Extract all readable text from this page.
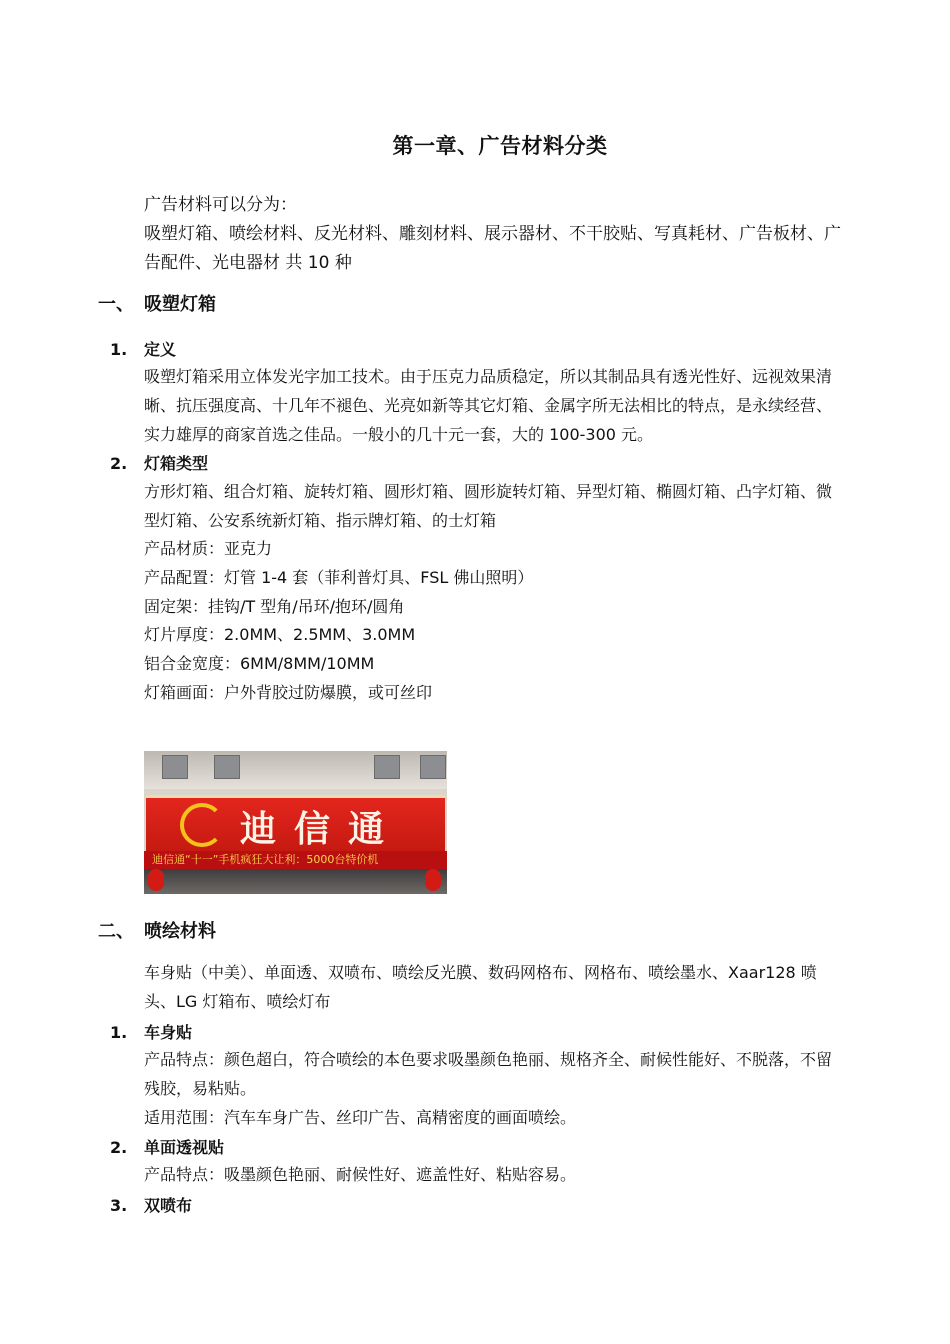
第一章、广告材料分类
广告材料可以分为：

吸塑灯箱、喷绘材料、反光材料、雕刻材料、展示器材、不干胶贴、写真耗材、广告板材、广告配件、光电器材 共 10 种

一、 吸塑灯箱
1. 定义

吸塑灯箱采用立体发光字加工技术。由于压克力品质稳定，所以其制品具有透光性好、远视效果清晰、抗压强度高、十几年不褪色、光亮如新等其它灯箱、金属字所无法相比的特点，是永续经营、实力雄厚的商家首选之佳品。一般小的几十元一套，大的 100-300 元。

2. 灯箱类型

方形灯箱、组合灯箱、旋转灯箱、圆形灯箱、圆形旋转灯箱、异型灯箱、椭圆灯箱、凸字灯箱、微型灯箱、公安系统新灯箱、指示牌灯箱、的士灯箱

产品材质：亚克力
产品配置：灯管 1-4 套（菲利普灯具、FSL 佛山照明）
固定架：挂钩/T 型角/吊环/抱环/圆角
灯片厚度：2.0MM、2.5MM、3.0MM
铝合金宽度：6MM/8MM/10MM
灯箱画面：户外背胶过防爆膜，或可丝印
迪信通
迪信通“十一”手机疯狂大让利：5000台特价机
二、 喷绘材料

车身贴（中美）、单面透、双喷布、喷绘反光膜、数码网格布、网格布、喷绘墨水、Xaar128 喷头、LG 灯箱布、喷绘灯布

1. 车身贴

产品特点：颜色超白，符合喷绘的本色要求吸墨颜色艳丽、规格齐全、耐候性能好、不脱落，不留残胶，易粘贴。

适用范围：汽车车身广告、丝印广告、高精密度的画面喷绘。
2. 单面透视贴
产品特点：吸墨颜色艳丽、耐候性好、遮盖性好、粘贴容易。
3. 双喷布
